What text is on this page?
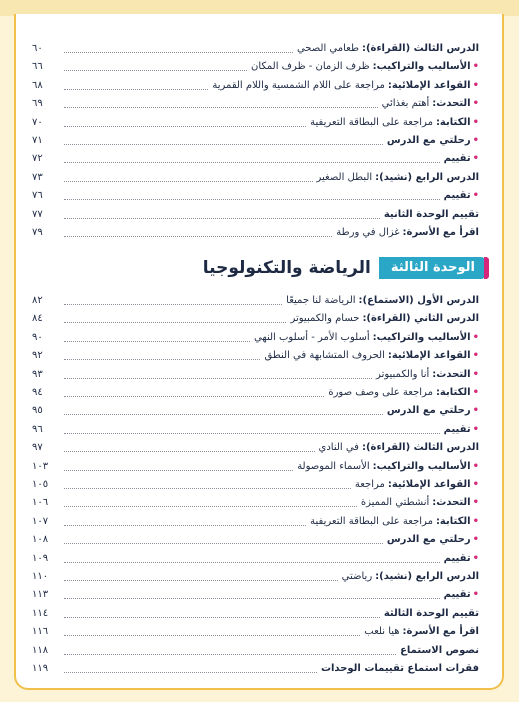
الدرس الثالث (القراءة):
طعامي الصحي
٦٠
•
الأساليب والتراكيب:
ظرف الزمان - ظرف المكان
٦٦
•
القواعد الإملائية:
مراجعة على اللام الشمسية واللام القمرية
٦٨
•
التحدث:
أهتم بغذائي
٦٩
•
الكتابة:
مراجعة على البطاقة التعريفية
٧٠
•
رحلتي مع الدرس
٧١
•
تقييم
٧٢
الدرس الرابع (نشيد):
البطل الصغير
٧٣
•
تقييم
٧٦
تقييم الوحدة الثانية
٧٧
اقرأ مع الأسرة:
غزال في ورطة
٧٩
الوحدة الثالثة
الرياضة والتكنولوجيا
الدرس الأول (الاستماع):
الرياضة لنا جميعًا
٨٢
الدرس الثاني (القراءة):
حسام والكمبيوتر
٨٤
•
الأساليب والتراكيب:
أسلوب الأمر - أسلوب النهي
٩٠
•
القواعد الإملائية:
الحروف المتشابهة في النطق
٩٢
•
التحدث:
أنا والكمبيوتر
٩٣
•
الكتابة:
مراجعة على وصف صورة
٩٤
•
رحلتي مع الدرس
٩٥
•
تقييم
٩٦
الدرس الثالث (القراءة):
في النادي
٩٧
•
الأساليب والتراكيب:
الأسماء الموصولة
١٠٣
•
القواعد الإملائية:
مراجعة
١٠٥
•
التحدث:
أنشطتي المميزة
١٠٦
•
الكتابة:
مراجعة على البطاقة التعريفية
١٠٧
•
رحلتي مع الدرس
١٠٨
•
تقييم
١٠٩
الدرس الرابع (نشيد):
رياضتي
١١٠
•
تقييم
١١٣
تقييم الوحدة الثالثة
١١٤
اقرأ مع الأسرة:
هيا نلعب
١١٦
نصوص الاستماع
١١٨
فقرات استماع تقييمات الوحدات
١١٩
